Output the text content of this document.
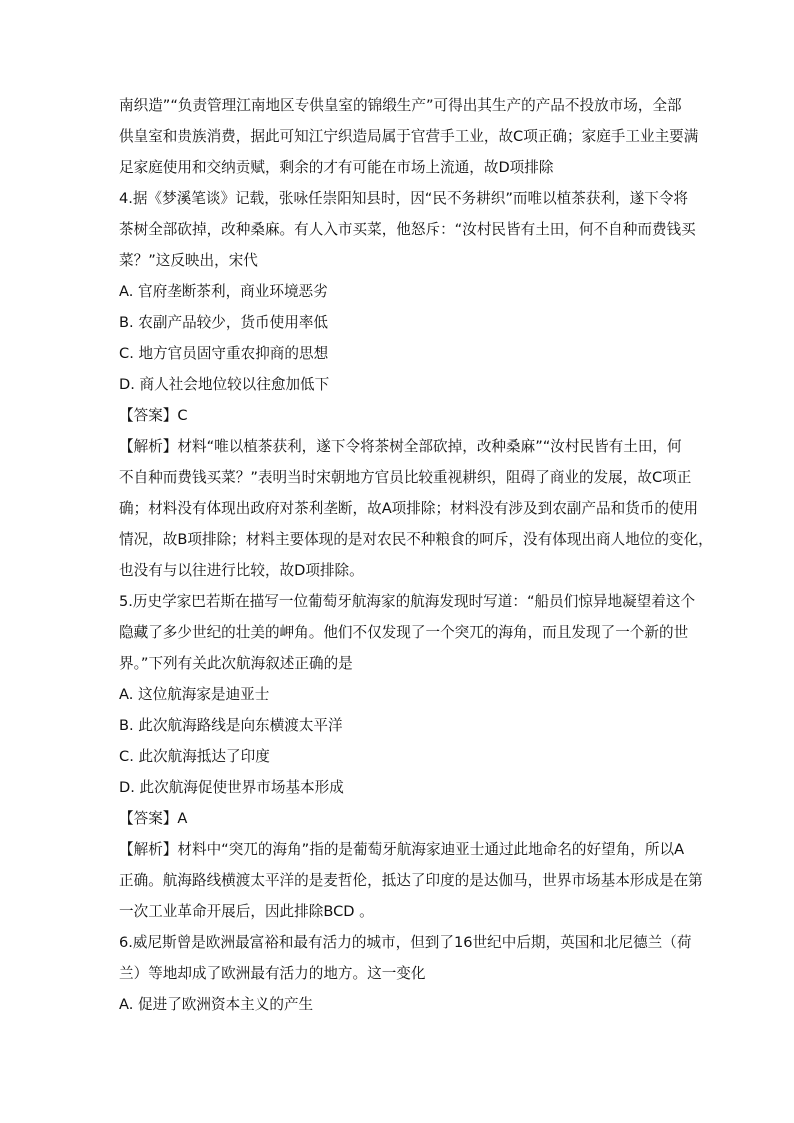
南织造”“负责管理江南地区专供皇室的锦缎生产”可得出其生产的产品不投放市场，全部
供皇室和贵族消费，据此可知江宁织造局属于官营手工业，故C项正确；家庭手工业主要满
足家庭使用和交纳贡赋，剩余的才有可能在市场上流通，故D项排除
4.据《梦溪笔谈》记载，张咏任崇阳知县时，因“民不务耕织”而唯以植茶获利，遂下令将
茶树全部砍掉，改种桑麻。有人入市买菜，他怒斥：“汝村民皆有土田，何不自种而费钱买
菜？”这反映出，宋代
A. 官府垄断茶利，商业环境恶劣
B. 农副产品较少，货币使用率低
C. 地方官员固守重农抑商的思想
D. 商人社会地位较以往愈加低下
【答案】C
【解析】材料“唯以植茶获利，遂下令将茶树全部砍掉，改种桑麻”“汝村民皆有土田，何
不自种而费钱买菜？”表明当时宋朝地方官员比较重视耕织，阻碍了商业的发展，故C项正
确；材料没有体现出政府对茶利垄断，故A项排除；材料没有涉及到农副产品和货币的使用
情况，故B项排除；材料主要体现的是对农民不种粮食的呵斥，没有体现出商人地位的变化，
也没有与以往进行比较，故D项排除。
5.历史学家巴若斯在描写一位葡萄牙航海家的航海发现时写道：“船员们惊异地凝望着这个
隐藏了多少世纪的壮美的岬角。他们不仅发现了一个突兀的海角，而且发现了一个新的世
界。”下列有关此次航海叙述正确的是
A. 这位航海家是迪亚士
B. 此次航海路线是向东横渡太平洋
C. 此次航海抵达了印度
D. 此次航海促使世界市场基本形成
【答案】A
【解析】材料中“突兀的海角”指的是葡萄牙航海家迪亚士通过此地命名的好望角，所以A
正确。航海路线横渡太平洋的是麦哲伦，抵达了印度的是达伽马，世界市场基本形成是在第
一次工业革命开展后，因此排除BCD 。
6.威尼斯曾是欧洲最富裕和最有活力的城市，但到了16世纪中后期，英国和北尼德兰（荷
兰）等地却成了欧洲最有活力的地方。这一变化
A. 促进了欧洲资本主义的产生
